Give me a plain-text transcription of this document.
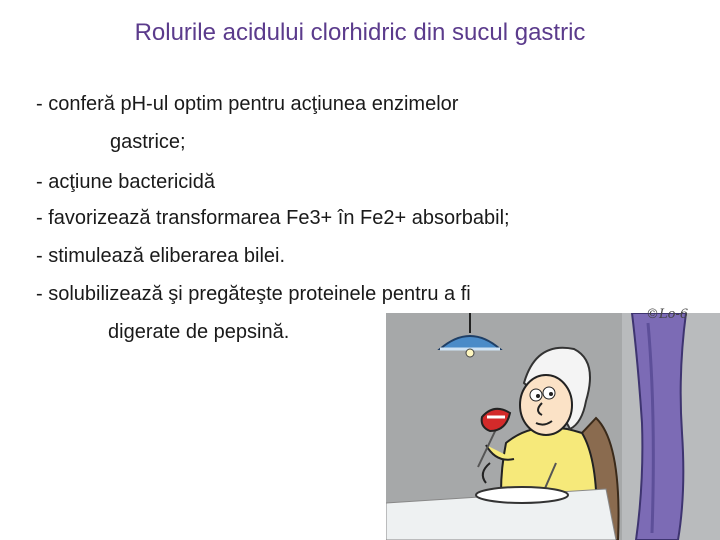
Rolurile acidului clorhidric din sucul gastric
- conferă pH-ul optim pentru acţiunea enzimelor
gastrice;
- acţiune bactericidă
- favorizează transformarea Fe3+ în Fe2+ absorbabil;
- stimulează eliberarea bilei.
- solubilizează şi pregăteşte proteinele pentru a fi
digerate de pepsină.
©Lo-6
